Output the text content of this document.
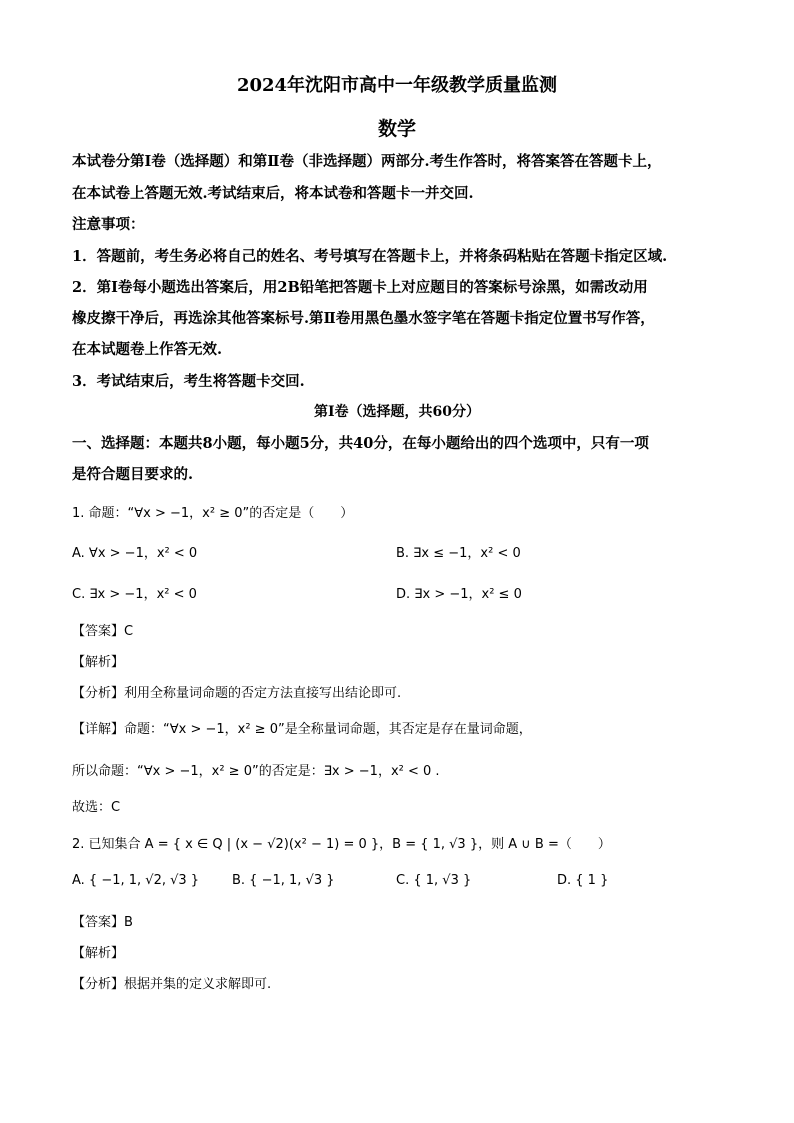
2024年沈阳市高中一年级教学质量监测
数学
本试卷分第Ⅰ卷（选择题）和第Ⅱ卷（非选择题）两部分.考生作答时，将答案答在答题卡上，
在本试卷上答题无效.考试结束后，将本试卷和答题卡一并交回.
注意事项：
1．答题前，考生务必将自己的姓名、考号填写在答题卡上，并将条码粘贴在答题卡指定区域.
2．第Ⅰ卷每小题选出答案后，用2B铅笔把答题卡上对应题目的答案标号涂黑，如需改动用
橡皮擦干净后，再选涂其他答案标号.第Ⅱ卷用黑色墨水签字笔在答题卡指定位置书写作答，
在本试题卷上作答无效.
3．考试结束后，考生将答题卡交回.
第Ⅰ卷（选择题，共60分）
一、选择题：本题共8小题，每小题5分，共40分，在每小题给出的四个选项中，只有一项
是符合题目要求的.
1. 命题：“∀x > −1，x² ≥ 0”的否定是（　　）
A. ∀x > −1，x² < 0	B. ∃x ≤ −1，x² < 0
C. ∃x > −1，x² < 0	D. ∃x > −1，x² ≤ 0
【答案】C
【解析】
【分析】利用全称量词命题的否定方法直接写出结论即可.
【详解】命题：“∀x > −1，x² ≥ 0”是全称量词命题，其否定是存在量词命题，
所以命题：“∀x > −1，x² ≥ 0”的否定是：∃x > −1，x² < 0 .
故选：C
2. 已知集合 A = { x ∈ Q | (x − √2)(x² − 1) = 0 }，B = { 1, √3 }，则 A ∪ B =（　　）
A. { −1, 1, √2, √3 }	B. { −1, 1, √3 }	C. { 1, √3 }	D. { 1 }
【答案】B
【解析】
【分析】根据并集的定义求解即可.
